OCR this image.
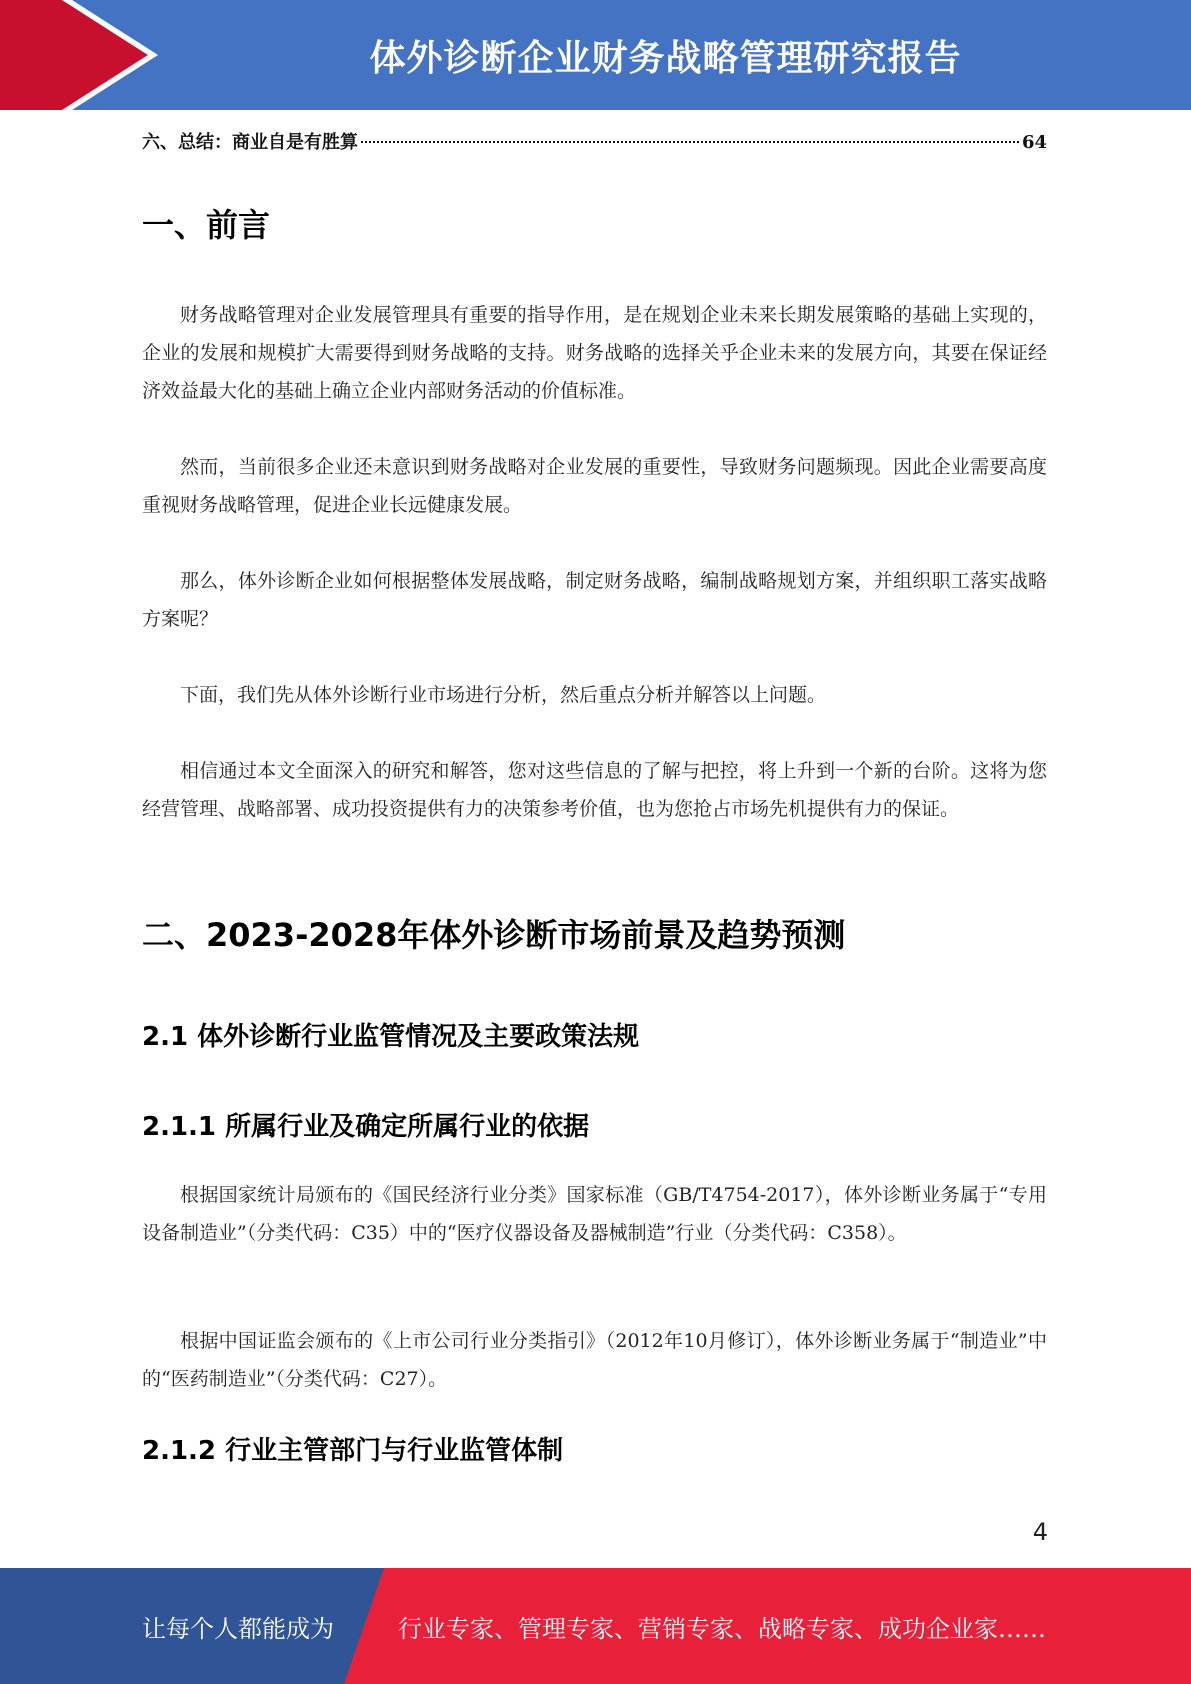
体外诊断企业财务战略管理研究报告
六、总结：商业自是有胜算	64
一、前言
财务战略管理对企业发展管理具有重要的指导作用，是在规划企业未来长期发展策略的基础上实现的，企业的发展和规模扩大需要得到财务战略的支持。财务战略的选择关乎企业未来的发展方向，其要在保证经济效益最大化的基础上确立企业内部财务活动的价值标准。
然而，当前很多企业还未意识到财务战略对企业发展的重要性，导致财务问题频现。因此企业需要高度重视财务战略管理，促进企业长远健康发展。
那么，体外诊断企业如何根据整体发展战略，制定财务战略，编制战略规划方案，并组织职工落实战略方案呢？
下面，我们先从体外诊断行业市场进行分析，然后重点分析并解答以上问题。
相信通过本文全面深入的研究和解答，您对这些信息的了解与把控，将上升到一个新的台阶。这将为您经营管理、战略部署、成功投资提供有力的决策参考价值，也为您抢占市场先机提供有力的保证。
二、2023-2028年体外诊断市场前景及趋势预测
2.1 体外诊断行业监管情况及主要政策法规
2.1.1 所属行业及确定所属行业的依据
根据国家统计局颁布的《国民经济行业分类》国家标准（GB/T4754-2017），体外诊断业务属于“专用设备制造业”（分类代码：C35）中的“医疗仪器设备及器械制造”行业（分类代码：C358）。
根据中国证监会颁布的《上市公司行业分类指引》（2012年10月修订），体外诊断业务属于“制造业”中的“医药制造业”（分类代码：C27）。
2.1.2 行业主管部门与行业监管体制
4
让每个人都能成为	行业专家、管理专家、营销专家、战略专家、成功企业家……
